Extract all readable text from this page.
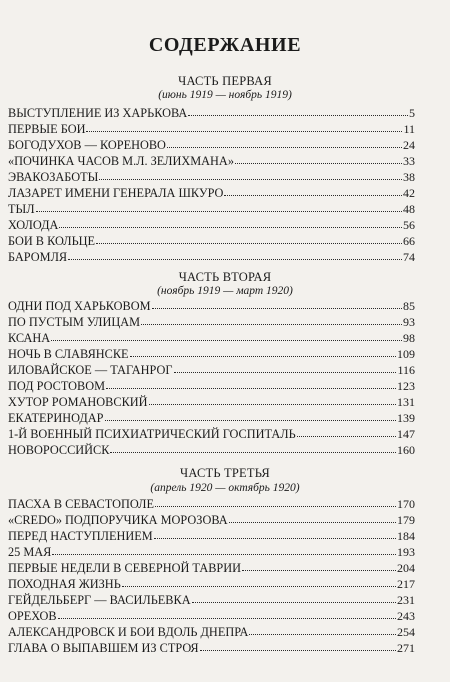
СОДЕРЖАНИЕ
ЧАСТЬ ПЕРВАЯ
(июнь 1919 — ноябрь 1919)
ВЫСТУПЛЕНИЕ ИЗ ХАРЬКОВА	5
ПЕРВЫЕ БОИ	11
БОГОДУХОВ — КОРЕНОВО	24
«ПОЧИНКА ЧАСОВ М.Л. ЗЕЛИХМАНА»	33
ЭВАКОЗАБОТЫ	38
ЛАЗАРЕТ ИМЕНИ ГЕНЕРАЛА ШКУРО	42
ТЫЛ	48
ХОЛОДА	56
БОИ В КОЛЬЦЕ	66
БАРОМЛЯ	74
ЧАСТЬ ВТОРАЯ
(ноябрь 1919 — март 1920)
ОДНИ ПОД ХАРЬКОВОМ	85
ПО ПУСТЫМ УЛИЦАМ	93
КСАНА	98
НОЧЬ В СЛАВЯНСКЕ	109
ИЛОВАЙСКОЕ — ТАГАНРОГ	116
ПОД РОСТОВОМ	123
ХУТОР РОМАНОВСКИЙ	131
ЕКАТЕРИНОДАР	139
1-Й ВОЕННЫЙ ПСИХИАТРИЧЕСКИЙ ГОСПИТАЛЬ	147
НОВОРОССИЙСК	160
ЧАСТЬ ТРЕТЬЯ
(апрель 1920 — октябрь 1920)
ПАСХА В СЕВАСТОПОЛЕ	170
«CREDO» ПОДПОРУЧИКА МОРОЗОВА	179
ПЕРЕД НАСТУПЛЕНИЕМ	184
25 МАЯ	193
ПЕРВЫЕ НЕДЕЛИ В СЕВЕРНОЙ ТАВРИИ	204
ПОХОДНАЯ ЖИЗНЬ	217
ГЕЙДЕЛЬБЕРГ — ВАСИЛЬЕВКА	231
ОРЕХОВ	243
АЛЕКСАНДРОВСК И БОИ ВДОЛЬ ДНЕПРА	254
ГЛАВА О ВЫПАВШЕМ ИЗ СТРОЯ	271
